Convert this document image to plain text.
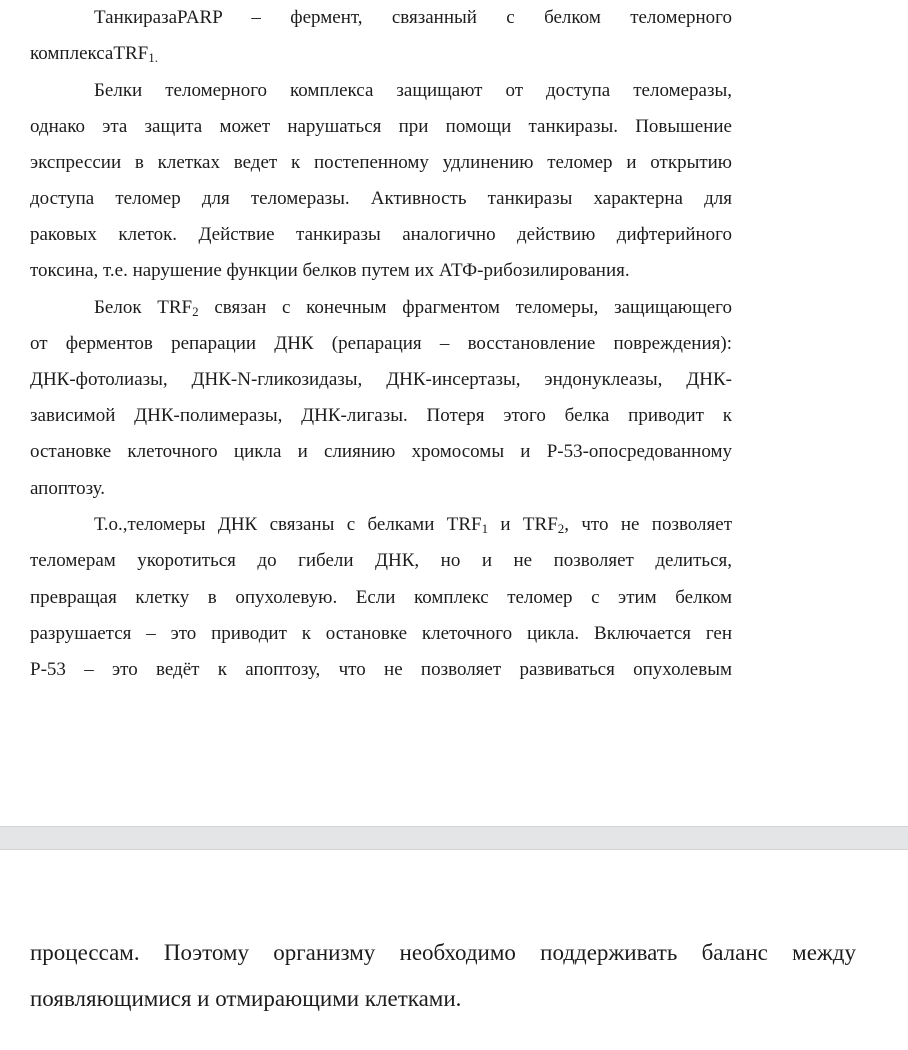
ТанкиразаPARP – фермент, связанный с белком теломерного
комплексаTRF$_{1.}$
Белки теломерного комплекса защищают от доступа теломеразы,
однако эта защита может нарушаться при помощи танкиразы. Повышение
экспрессии в клетках ведет к постепенному удлинению теломер и открытию
доступа теломер для теломеразы. Активность танкиразы характерна для
раковых клеток. Действие танкиразы аналогично действию дифтерийного
токсина, т.е. нарушение функции белков путем их АТФ-рибозилирования.
Белок $TRF_2$ связан с конечным фрагментом теломеры, защищающего
от ферментов репарации ДНК (репарация – восстановление повреждения):
ДНК-фотолиазы, ДНК-N-гликозидазы, ДНК-инсертазы, эндонуклеазы, ДНК-
зависимой ДНК-полимеразы, ДНК-лигазы. Потеря этого белка приводит к
остановке клеточного цикла и слиянию хромосомы и Р-53-опосредованному
апоптозу.
Т.о.,теломеры ДНК связаны с белками $TRF_1$ и $TRF_2$, что не позволяет
теломерам укоротиться до гибели ДНК, но и не позволяет делиться,
превращая клетку в опухолевую. Если комплекс теломер с этим белком
разрушается – это приводит к остановке клеточного цикла. Включается ген
Р-53 – это ведёт к апоптозу, что не позволяет развиваться опухолевым
процессам. Поэтому организму необходимо поддерживать баланс между
появляющимися и отмирающими клетками.
